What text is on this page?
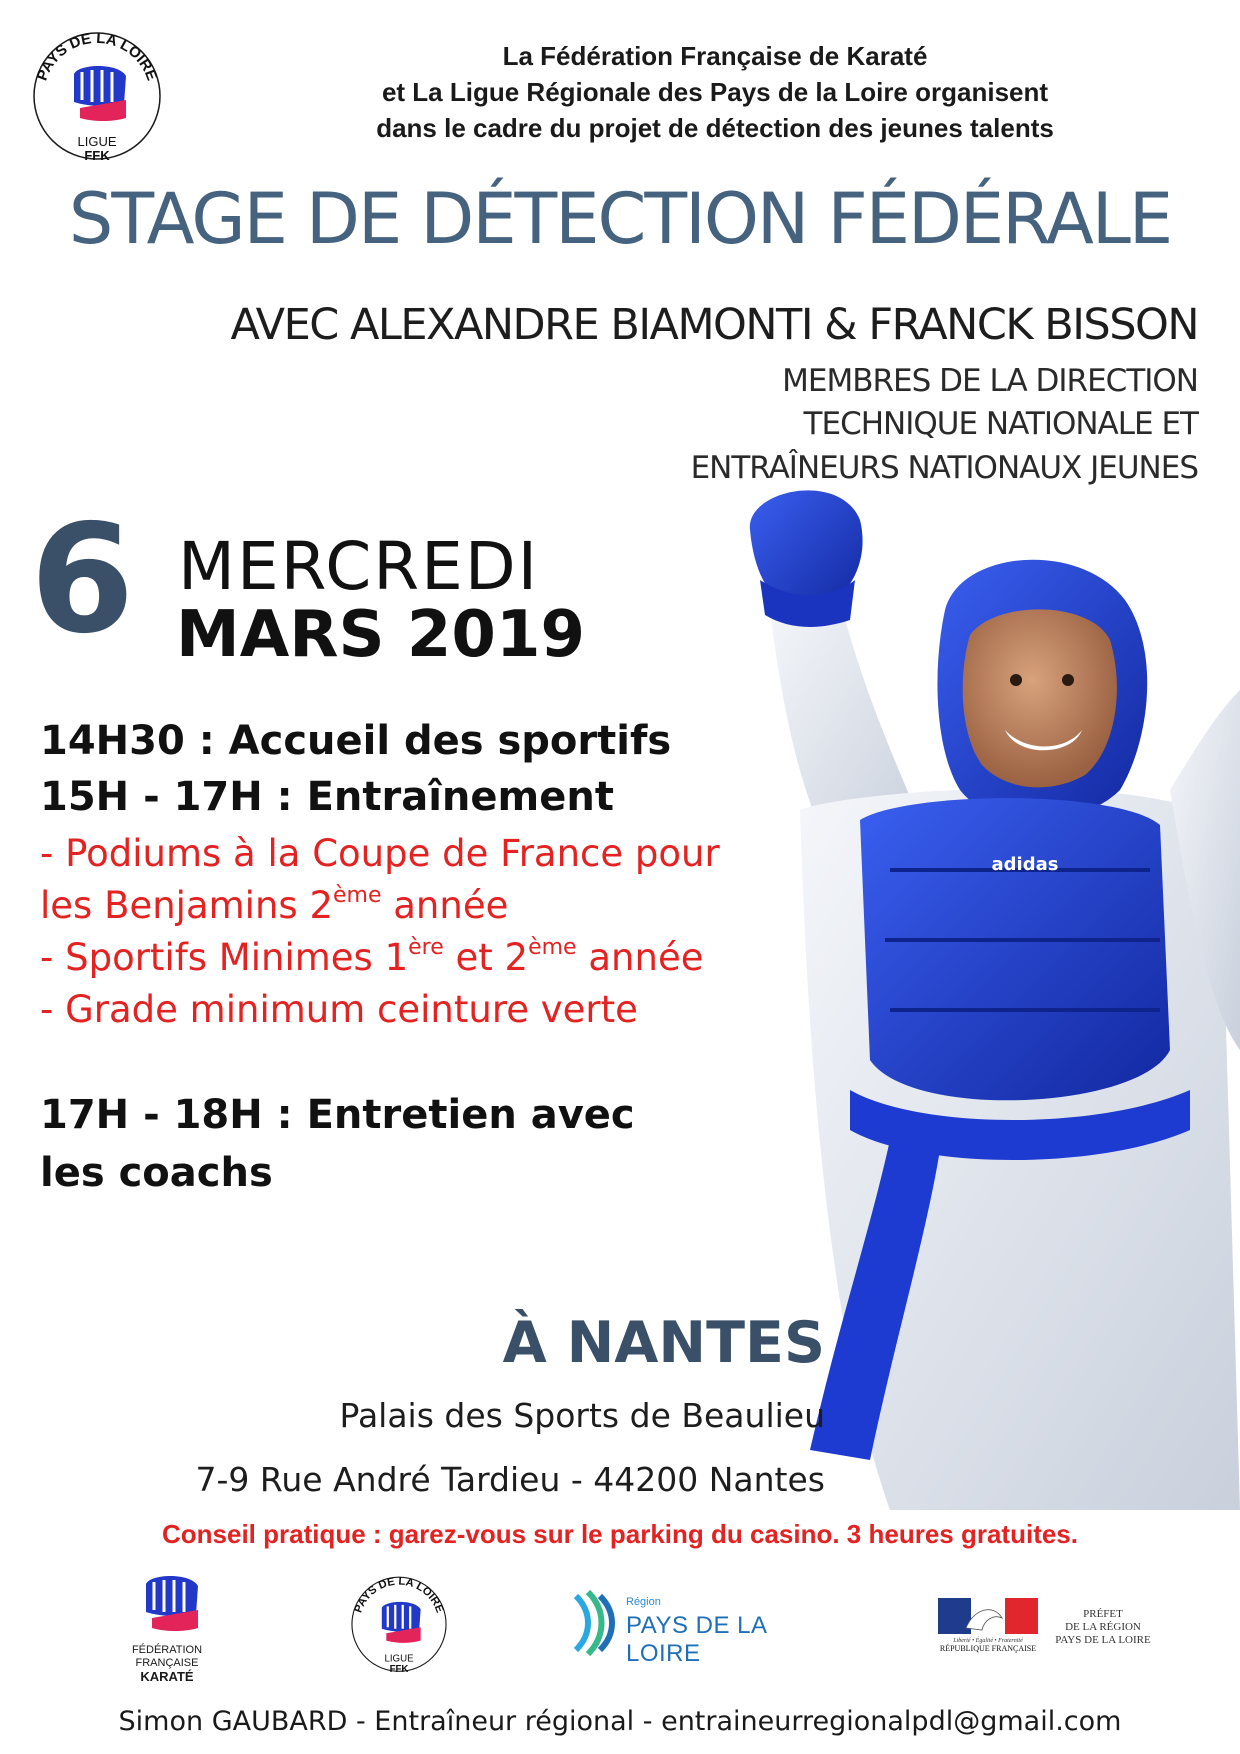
PAYS DE LA LOIRE
LIGUE
FFK
La Fédération Française de Karaté
et La Ligue Régionale des Pays de la Loire organisent
dans le cadre du projet de détection des jeunes talents
STAGE DE DÉTECTION FÉDÉRALE
AVEC ALEXANDRE BIAMONTI & FRANCK BISSON
MEMBRES DE LA DIRECTION
TECHNIQUE NATIONALE ET
ENTRAÎNEURS NATIONAUX JEUNES
adidas
6 MERCREDI
MARS 2019
14H30 : Accueil des sportifs
15H - 17H : Entraînement
- Podiums à la Coupe de France pour
les Benjamins 2ème année
- Sportifs Minimes 1ère et 2ème année
- Grade minimum ceinture verte
17H - 18H : Entretien avec
les coachs
À NANTES
Palais des Sports de Beaulieu
7-9 Rue André Tardieu - 44200 Nantes
Conseil pratique : garez-vous sur le parking du casino. 3 heures gratuites.
FÉDÉRATION
FRANÇAISE
KARATÉ
PAYS DE LA LOIRE
LIGUE
FFK
Région
PAYS DE LA LOIRE	Liberté • Égalité • Fraternité
RÉPUBLIQUE FRANÇAISE
PRÉFET
DE LA RÉGION
PAYS DE LA LOIRE
Simon GAUBARD - Entraîneur régional - entraineurregionalpdl@gmail.com
